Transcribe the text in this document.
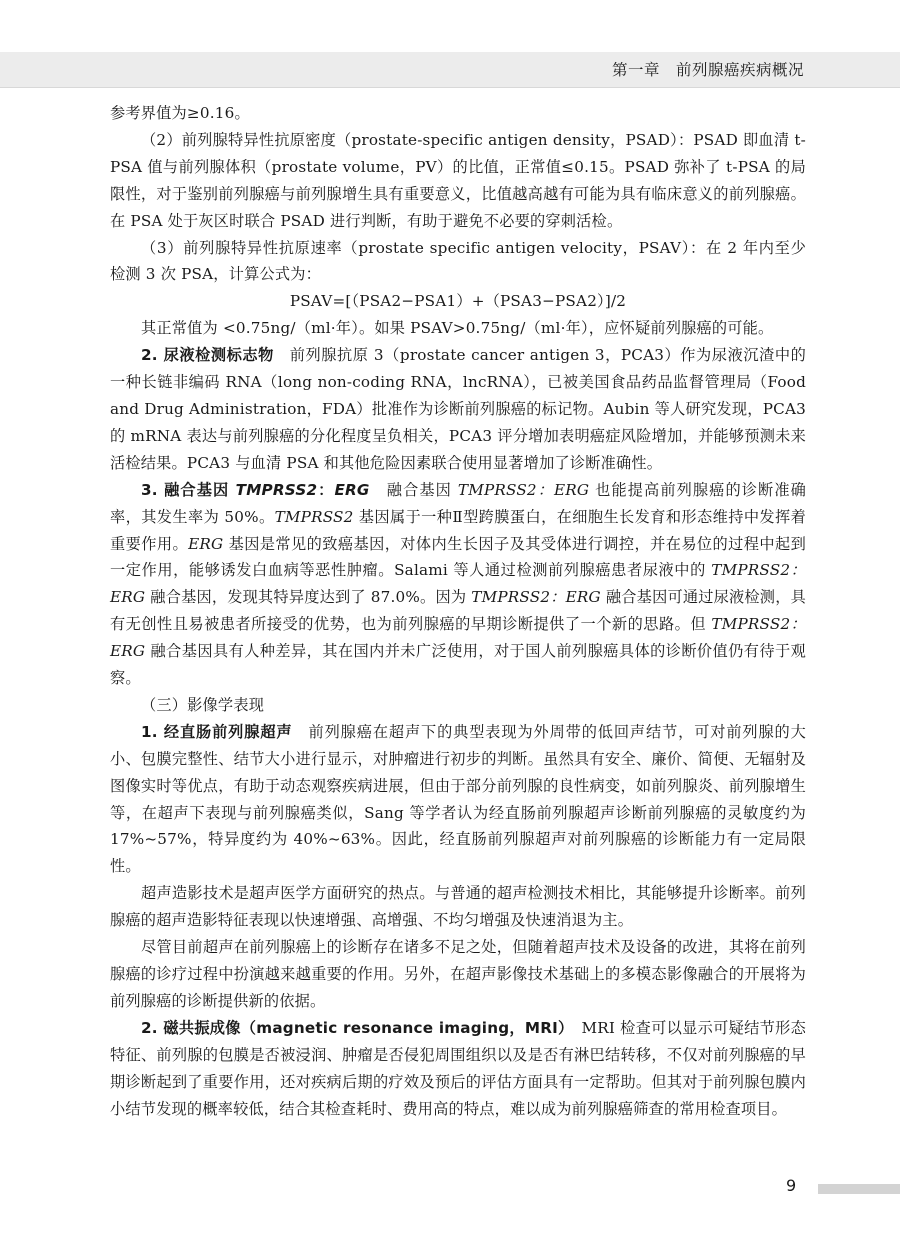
第一章　前列腺癌疾病概况

参考界值为≥0.16。

（2）前列腺特异性抗原密度（prostate-specific antigen density，PSAD）：PSAD 即血清 t-PSA 值与前列腺体积（prostate volume，PV）的比值，正常值≤0.15。PSAD 弥补了 t-PSA 的局限性，对于鉴别前列腺癌与前列腺增生具有重要意义，比值越高越有可能为具有临床意义的前列腺癌。在 PSA 处于灰区时联合 PSAD 进行判断，有助于避免不必要的穿刺活检。

（3）前列腺特异性抗原速率（prostate specific antigen velocity，PSAV）：在 2 年内至少检测 3 次 PSA，计算公式为：

PSAV=[（PSA2−PSA1）+（PSA3−PSA2）]/2

其正常值为 <0.75ng/（ml·年）。如果 PSAV>0.75ng/（ml·年），应怀疑前列腺癌的可能。

2. 尿液检测标志物　 前列腺抗原 3（prostate cancer antigen 3，PCA3）作为尿液沉渣中的一种长链非编码 RNA（long non-coding RNA，lncRNA），已被美国食品药品监督管理局（Food and Drug Administration，FDA）批准作为诊断前列腺癌的标记物。Aubin 等人研究发现，PCA3 的 mRNA 表达与前列腺癌的分化程度呈负相关，PCA3 评分增加表明癌症风险增加，并能够预测未来活检结果。PCA3 与血清 PSA 和其他危险因素联合使用显著增加了诊断准确性。

3. 融合基因 TMPRSS2：ERG　 融合基因 TMPRSS2：ERG 也能提高前列腺癌的诊断准确率，其发生率为 50%。TMPRSS2 基因属于一种Ⅱ型跨膜蛋白，在细胞生长发育和形态维持中发挥着重要作用。ERG 基因是常见的致癌基因，对体内生长因子及其受体进行调控，并在易位的过程中起到一定作用，能够诱发白血病等恶性肿瘤。Salami 等人通过检测前列腺癌患者尿液中的 TMPRSS2：ERG 融合基因，发现其特异度达到了 87.0%。因为 TMPRSS2：ERG 融合基因可通过尿液检测，具有无创性且易被患者所接受的优势，也为前列腺癌的早期诊断提供了一个新的思路。但 TMPRSS2：ERG 融合基因具有人种差异，其在国内并未广泛使用，对于国人前列腺癌具体的诊断价值仍有待于观察。

（三）影像学表现

1. 经直肠前列腺超声　 前列腺癌在超声下的典型表现为外周带的低回声结节，可对前列腺的大小、包膜完整性、结节大小进行显示，对肿瘤进行初步的判断。虽然具有安全、廉价、简便、无辐射及图像实时等优点，有助于动态观察疾病进展，但由于部分前列腺的良性病变，如前列腺炎、前列腺增生等，在超声下表现与前列腺癌类似，Sang 等学者认为经直肠前列腺超声诊断前列腺癌的灵敏度约为 17%~57%，特异度约为 40%~63%。因此，经直肠前列腺超声对前列腺癌的诊断能力有一定局限性。

超声造影技术是超声医学方面研究的热点。与普通的超声检测技术相比，其能够提升诊断率。前列腺癌的超声造影特征表现以快速增强、高增强、不均匀增强及快速消退为主。

尽管目前超声在前列腺癌上的诊断存在诸多不足之处，但随着超声技术及设备的改进，其将在前列腺癌的诊疗过程中扮演越来越重要的作用。另外，在超声影像技术基础上的多模态影像融合的开展将为前列腺癌的诊断提供新的依据。

2. 磁共振成像（magnetic resonance imaging，MRI）　 MRI 检查可以显示可疑结节形态特征、前列腺的包膜是否被浸润、肿瘤是否侵犯周围组织以及是否有淋巴结转移，不仅对前列腺癌的早期诊断起到了重要作用，还对疾病后期的疗效及预后的评估方面具有一定帮助。但其对于前列腺包膜内小结节发现的概率较低，结合其检查耗时、费用高的特点，难以成为前列腺癌筛查的常用检查项目。

9
